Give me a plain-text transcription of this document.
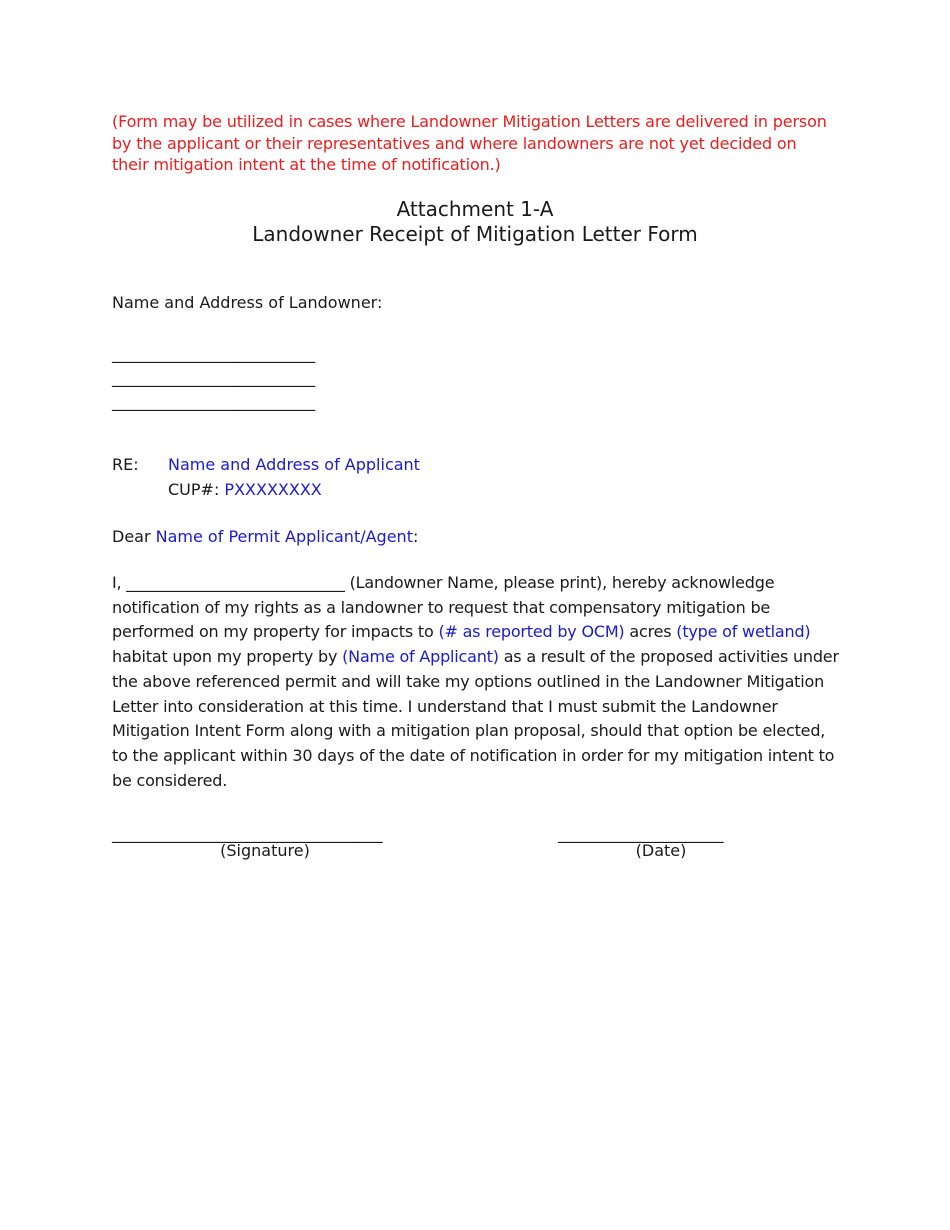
(Form may be utilized in cases where Landowner Mitigation Letters are delivered in person by the applicant or their representatives and where landowners are not yet decided on their mitigation intent at the time of notification.)
Attachment 1-A
Landowner Receipt of Mitigation Letter Form
Name and Address of Landowner:
___________________________
___________________________
___________________________
RE: Name and Address of Applicant
CUP#: PXXXXXXXX
Dear Name of Permit Applicant/Agent:
I, ____________________________ (Landowner Name, please print), hereby acknowledge notification of my rights as a landowner to request that compensatory mitigation be performed on my property for impacts to (# as reported by OCM) acres (type of wetland) habitat upon my property by (Name of Applicant) as a result of the proposed activities under the above referenced permit and will take my options outlined in the Landowner Mitigation Letter into consideration at this time. I understand that I must submit the Landowner Mitigation Intent Form along with a mitigation plan proposal, should that option be elected, to the applicant within 30 days of the date of notification in order for my mitigation intent to be considered.
____________________________________
(Signature)
______________________
(Date)
